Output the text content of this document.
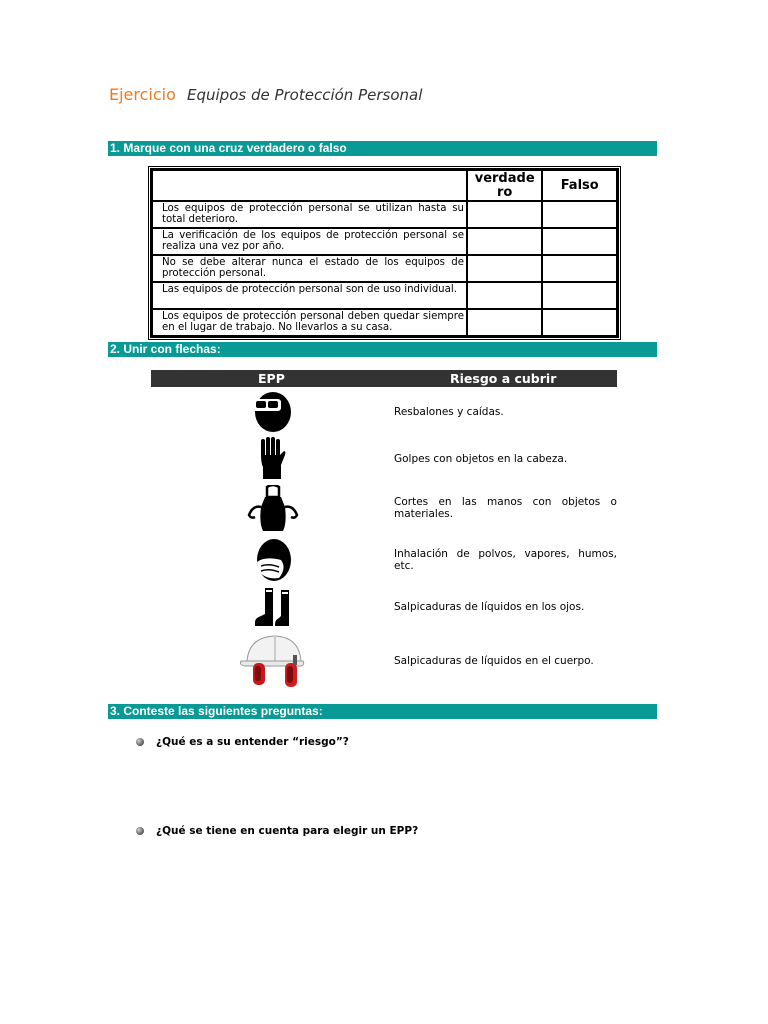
Ejercicio Equipos de Protección Personal
1. Marque con una cruz verdadero o falso
	verdade ro	Falso
Los equipos de protección personal se utilizan hasta su total deterioro.		
La verificación de los equipos de protección personal se realiza una vez por año.		
No se debe alterar nunca el estado de los equipos de protección personal.		
Las equipos de protección personal son de uso individual.		
Los equipos de protección personal deben quedar siempre en el lugar de trabajo. No llevarlos a su casa.		
2. Unir con flechas:
EPP	Riesgo a cubrir
Resbalones y caídas.
Golpes con objetos en la cabeza.
Cortes en las manos con objetos o materiales.
Inhalación de polvos, vapores, humos, etc.
Salpicaduras de líquidos en los ojos.
Salpicaduras de líquidos en el cuerpo.
3. Conteste las siguientes preguntas:
¿Qué es a su entender “riesgo”?
¿Qué se tiene en cuenta para elegir un EPP?
